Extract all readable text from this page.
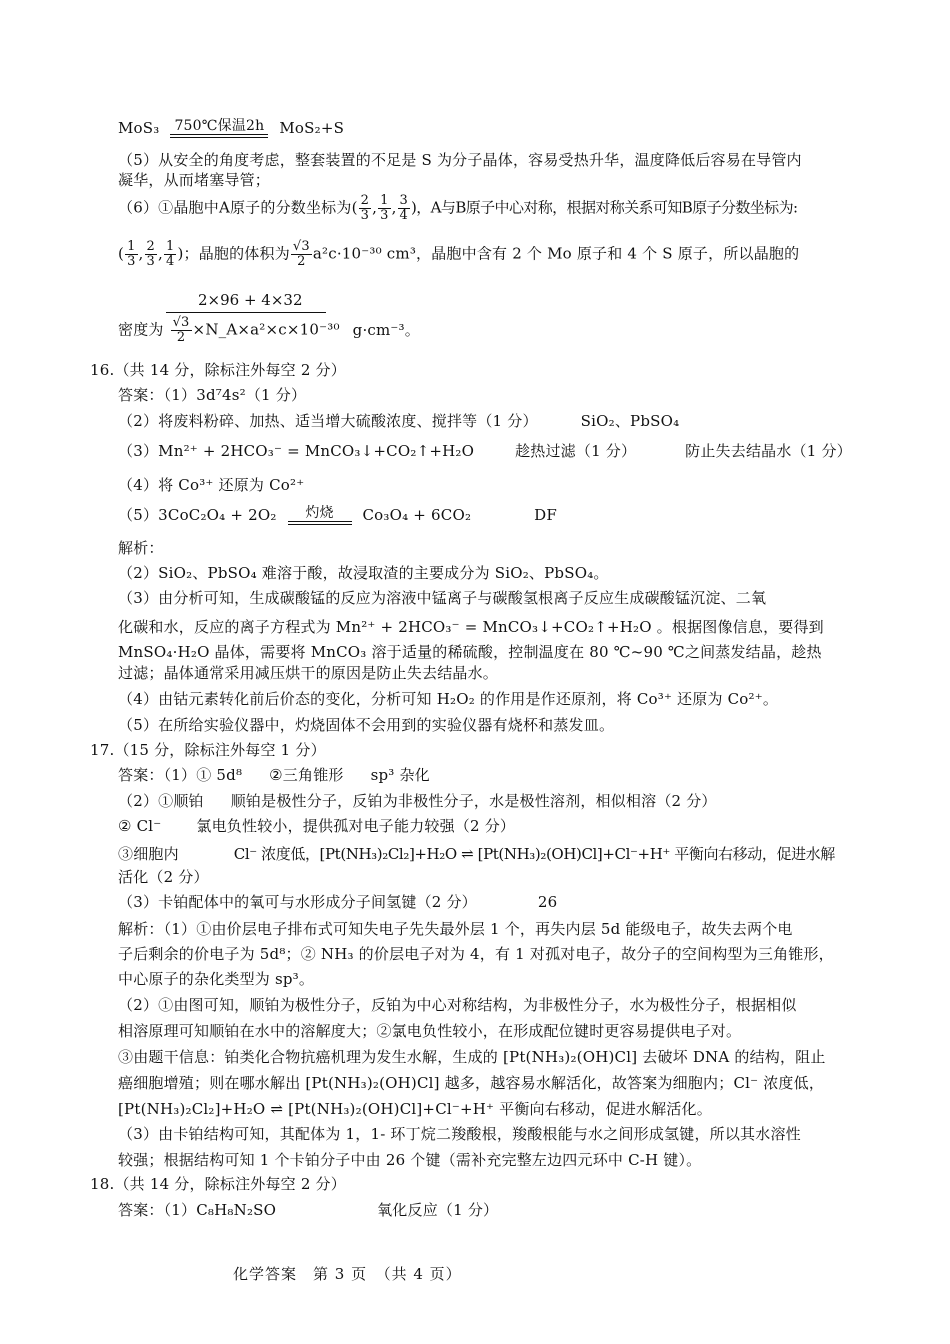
MoS₃ 750℃保温2h MoS₂+S
（5）从安全的角度考虑，整套装置的不足是 S 为分子晶体，容易受热升华，温度降低后容易在导管内
凝华，从而堵塞导管；
（6）①晶胞中A原子的分数坐标为( $\frac{2}{3}$ , $\frac{1}{3}$ , $\frac{3}{4}$ )，A与B原子中心对称，根据对称关系可知B原子分数坐标为:
( $\frac{1}{3}$ , $\frac{2}{3}$ , $\frac{1}{4}$ )；晶胞的体积为 $\frac{√3}{2} a^2c\cdot 10^{-30}$ cm³，晶胞中含有 2 个 Mo 原子和 4 个 S 原子，所以晶胞的
2×96 + 4×32
密度为 $\frac{√3}{2}$ ×N_A×a²×c×10⁻³⁰ g·cm⁻³。
16.（共 14 分，除标注外每空 2 分）
答案：（1）3d⁷4s²（1 分）
（2）将废料粉碎、加热、适当增大硫酸浓度、搅拌等（1 分）	SiO₂、PbSO₄
（3）Mn²⁺ + 2HCO₃⁻ = MnCO₃↓+CO₂↑+H₂O	趁热过滤（1 分）	防止失去结晶水（1 分）
（4）将 Co³⁺ 还原为 Co²⁺
（5）3CoC₂O₄ + 2O₂	灼烧	Co₃O₄ + 6CO₂	DF
解析：
（2）SiO₂、PbSO₄ 难溶于酸，故浸取渣的主要成分为 SiO₂、PbSO₄。
（3）由分析可知，生成碳酸锰的反应为溶液中锰离子与碳酸氢根离子反应生成碳酸锰沉淀、二氧
化碳和水，反应的离子方程式为 Mn²⁺ + 2HCO₃⁻ = MnCO₃↓+CO₂↑+H₂O 。根据图像信息，要得到
MnSO₄·H₂O 晶体，需要将 MnCO₃ 溶于适量的稀硫酸，控制温度在 80 ℃~90 ℃之间蒸发结晶，趁热
过滤；晶体通常采用减压烘干的原因是防止失去结晶水。
（4）由钴元素转化前后价态的变化，分析可知 H₂O₂ 的作用是作还原剂，将 Co³⁺ 还原为 Co²⁺。
（5）在所给实验仪器中，灼烧固体不会用到的实验仪器有烧杯和蒸发皿。
17.（15 分，除标注外每空 1 分）
答案：（1）① 5d⁸ ②三角锥形 sp³ 杂化
（2）①顺铂 顺铂是极性分子，反铂为非极性分子，水是极性溶剂，相似相溶（2 分）
② Cl⁻ 氯电负性较小，提供孤对电子能力较强（2 分）
③细胞内	Cl⁻ 浓度低，[Pt(NH₃)₂Cl₂]+H₂O ⇌ [Pt(NH₃)₂(OH)Cl]+Cl⁻+H⁺ 平衡向右移动，促进水解
活化（2 分）
（3）卡铂配体中的氧可与水形成分子间氢键（2 分）	26
解析：（1）①由价层电子排布式可知失电子先失最外层 1 个，再失内层 5d 能级电子，故失去两个电
子后剩余的价电子为 5d⁸；② NH₃ 的价层电子对为 4，有 1 对孤对电子，故分子的空间构型为三角锥形，
中心原子的杂化类型为 sp³。
（2）①由图可知，顺铂为极性分子，反铂为中心对称结构，为非极性分子，水为极性分子，根据相似
相溶原理可知顺铂在水中的溶解度大；②氯电负性较小，在形成配位键时更容易提供电子对。
③由题干信息：铂类化合物抗癌机理为发生水解，生成的 [Pt(NH₃)₂(OH)Cl] 去破坏 DNA 的结构，阻止
癌细胞增殖；则在哪水解出 [Pt(NH₃)₂(OH)Cl] 越多，越容易水解活化，故答案为细胞内；Cl⁻ 浓度低，
[Pt(NH₃)₂Cl₂]+H₂O ⇌ [Pt(NH₃)₂(OH)Cl]+Cl⁻+H⁺ 平衡向右移动，促进水解活化。
（3）由卡铂结构可知，其配体为 1，1- 环丁烷二羧酸根，羧酸根能与水之间形成氢键，所以其水溶性
较强；根据结构可知 1 个卡铂分子中由 26 个键（需补充完整左边四元环中 C-H 键）。
18.（共 14 分，除标注外每空 2 分）
答案：（1）C₈H₈N₂SO	氧化反应（1 分）
化学答案　第 3 页　（共 4 页）
